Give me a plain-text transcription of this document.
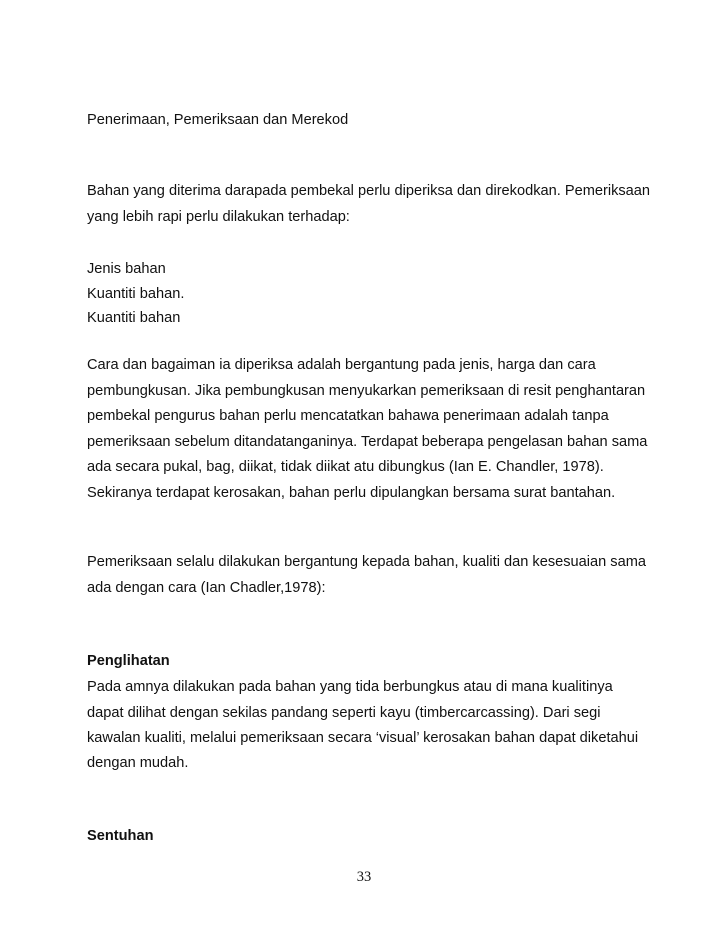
Penerimaan, Pemeriksaan dan Merekod
Bahan yang diterima darapada pembekal perlu diperiksa dan direkodkan. Pemeriksaan
yang lebih rapi perlu dilakukan terhadap:
Jenis bahan
Kuantiti bahan.
Kuantiti bahan
Cara dan bagaiman ia diperiksa adalah bergantung pada jenis, harga dan cara
pembungkusan. Jika pembungkusan menyukarkan pemeriksaan di resit penghantaran
pembekal pengurus bahan perlu mencatatkan bahawa penerimaan adalah tanpa
pemeriksaan sebelum ditandatanganinya. Terdapat beberapa pengelasan bahan sama
ada secara pukal, bag, diikat, tidak diikat atu dibungkus (Ian E. Chandler, 1978).
Sekiranya terdapat kerosakan, bahan perlu dipulangkan bersama surat bantahan.
Pemeriksaan selalu dilakukan bergantung kepada bahan, kualiti dan kesesuaian sama
ada dengan cara (Ian Chadler,1978):
Penglihatan
Pada amnya dilakukan pada bahan yang tida berbungkus atau di mana kualitinya
dapat dilihat dengan sekilas pandang seperti kayu (timbercarcassing). Dari segi
kawalan kualiti, melalui pemeriksaan secara ‘visual’ kerosakan bahan dapat diketahui
dengan mudah.
Sentuhan
33
